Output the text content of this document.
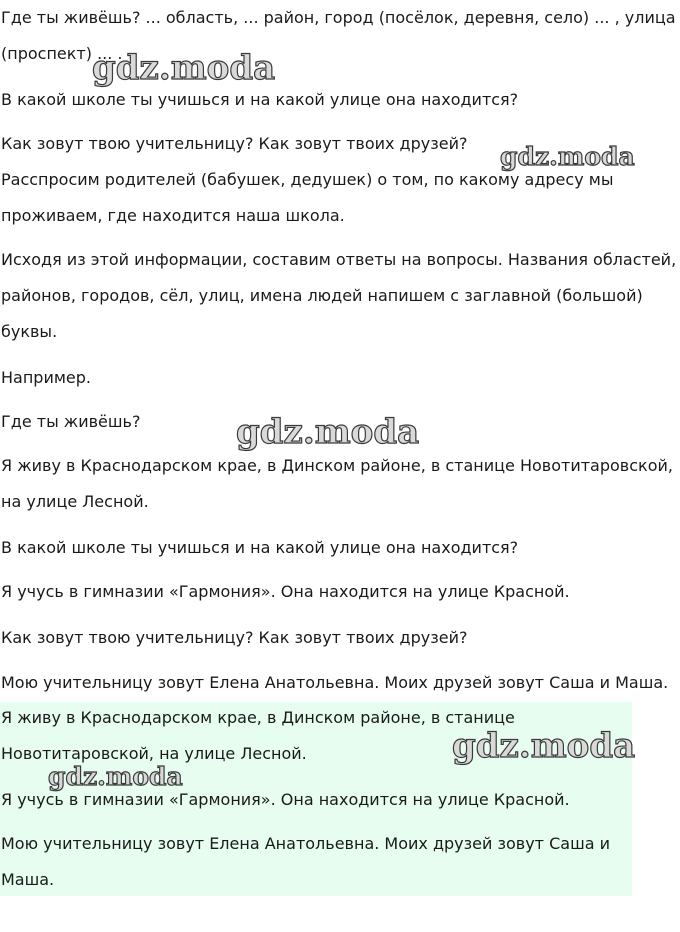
Где ты живёшь? ... область, ... район, город (посёлок, деревня, село) ... , улица

(проспект) ... .

В какой школе ты учишься и на какой улице она находится?

Как зовут твою учительницу? Как зовут твоих друзей?

Расспросим родителей (бабушек, дедушек) о том, по какому адресу мы

проживаем, где находится наша школа.

Исходя из этой информации, составим ответы на вопросы. Названия областей,

районов, городов, сёл, улиц, имена людей напишем с заглавной (большой)

буквы.

Например.

Где ты живёшь?

Я живу в Краснодарском крае, в Динском районе, в станице Новотитаровской,

на улице Лесной.

В какой школе ты учишься и на какой улице она находится?

Я учусь в гимназии «Гармония». Она находится на улице Красной.

Как зовут твою учительницу? Как зовут твоих друзей?

Мою учительницу зовут Елена Анатольевна. Моих друзей зовут Саша и Маша.

Я живу в Краснодарском крае, в Динском районе, в станице

Новотитаровской, на улице Лесной.

Я учусь в гимназии «Гармония». Она находится на улице Красной.

Мою учительницу зовут Елена Анатольевна. Моих друзей зовут Саша и

Маша.

gdz.moda
gdz.moda
gdz.moda
gdz.moda
gdz.moda
